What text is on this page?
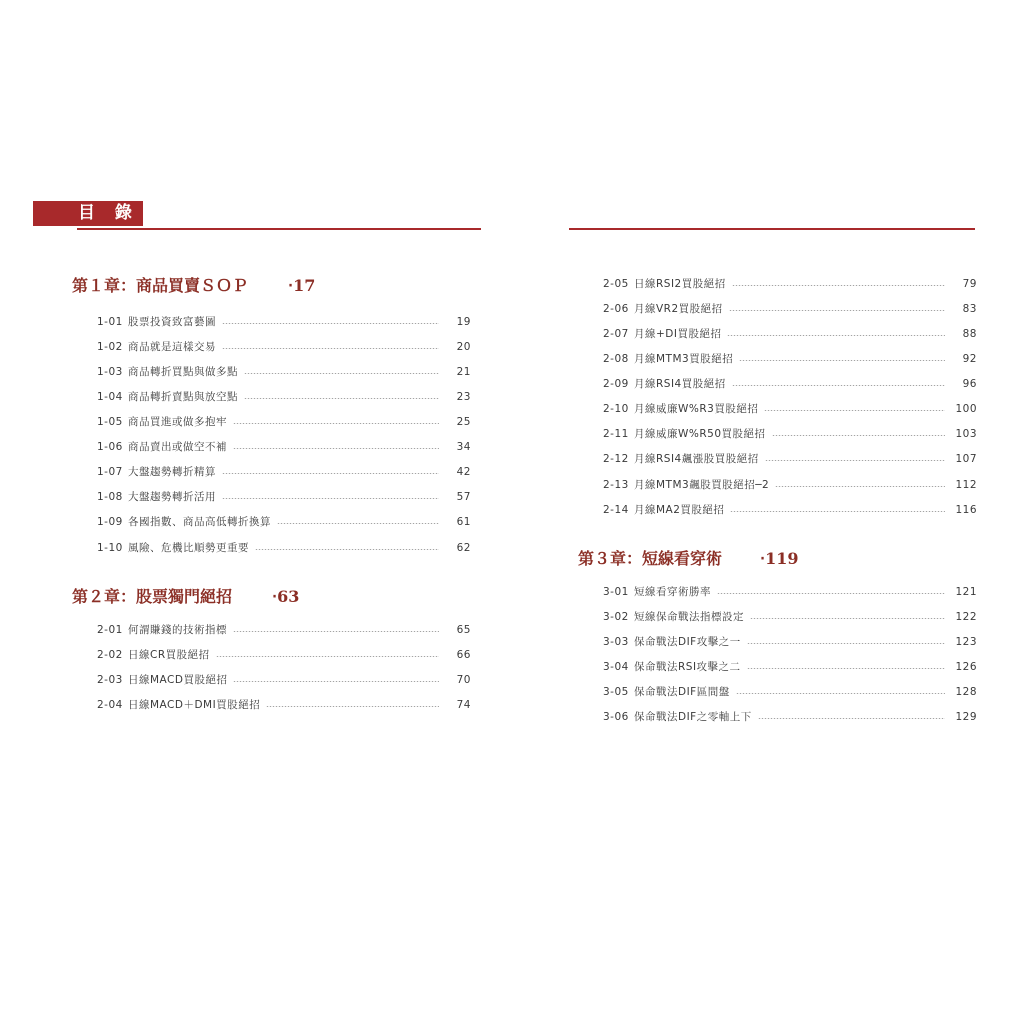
目 錄
第１章：商品買賣ＳＯＰ ‧17
1-01 股票投資致富藝圖	19
1-02 商品就是這樣交易	20
1-03 商品轉折買點與做多點	21
1-04 商品轉折賣點與放空點	23
1-05 商品買進或做多抱牢	25
1-06 商品賣出或做空不補	34
1-07 大盤趨勢轉折精算	42
1-08 大盤趨勢轉折活用	57
1-09 各國指數、商品高低轉折換算	61
1-10 風險、危機比順勢更重要	62
第２章：股票獨門絕招 ‧63
2-01 何謂賺錢的技術指標	65
2-02 日線CR買股絕招	66
2-03 日線MACD買股絕招	70
2-04 日線MACD＋DMI買股絕招	74
2-05 日線RSI2買股絕招	79
2-06 月線VR2買股絕招	83
2-07 月線+DI買股絕招	88
2-08 月線MTM3買股絕招	92
2-09 月線RSI4買股絕招	96
2-10 月線威廉W%R3買股絕招	100
2-11 月線威廉W%R50買股絕招	103
2-12 月線RSI4飆漲股買股絕招	107
2-13 月線MTM3飆股買股絕招─2	112
2-14 月線MA2買股絕招	116
第３章：短線看穿術 ‧119
3-01 短線看穿術勝率	121
3-02 短線保命戰法指標設定	122
3-03 保命戰法DIF攻擊之一	123
3-04 保命戰法RSI攻擊之二	126
3-05 保命戰法DIF區間盤	128
3-06 保命戰法DIF之零軸上下	129
